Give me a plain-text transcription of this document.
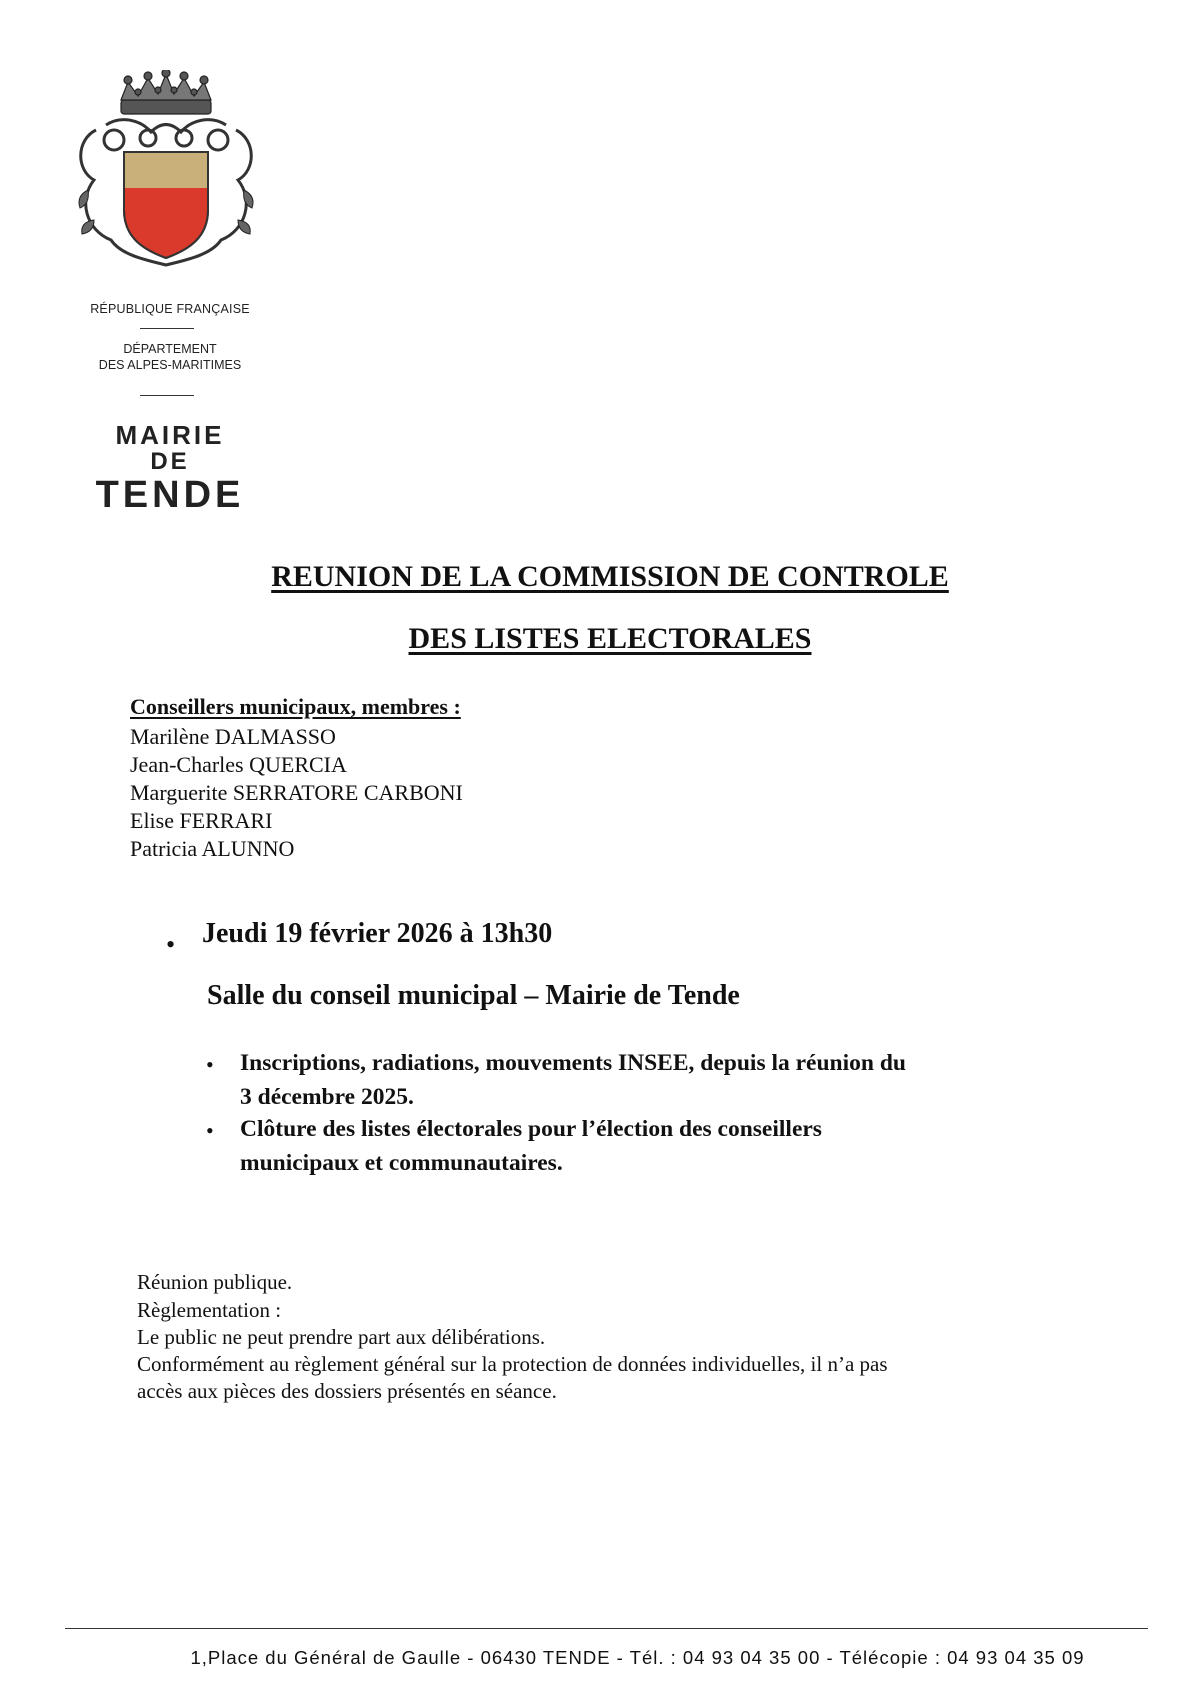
RÉPUBLIQUE FRANÇAISE
DÉPARTEMENT
DES ALPES-MARITIMES
MAIRIE
DE
TENDE
REUNION DE LA COMMISSION DE CONTROLE
DES LISTES ELECTORALES
Conseillers municipaux, membres :
Marilène DALMASSO
Jean-Charles QUERCIA
Marguerite SERRATORE CARBONI
Elise FERRARI
Patricia ALUNNO
• Jeudi 19 février 2026 à 13h30
Salle du conseil municipal – Mairie de Tende
• Inscriptions, radiations, mouvements INSEE, depuis la réunion du
3 décembre 2025.
• Clôture des listes électorales pour l’élection des conseillers
municipaux et communautaires.
Réunion publique.
Règlementation :
Le public ne peut prendre part aux délibérations.
Conformément au règlement général sur la protection de données individuelles, il n’a pas
accès aux pièces des dossiers présentés en séance.
1,Place du Général de Gaulle - 06430 TENDE - Tél. : 04 93 04 35 00 - Télécopie : 04 93 04 35 09
